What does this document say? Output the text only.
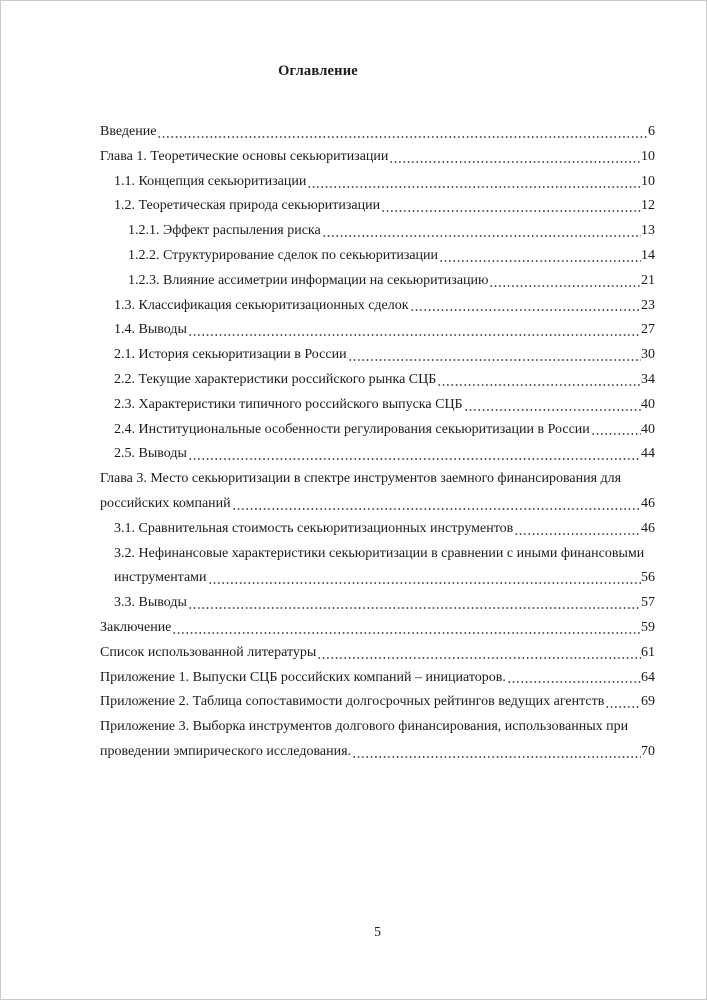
Оглавление
Введение	6
Глава 1. Теоретические основы секьюритизации	10
1.1. Концепция секьюритизации	10
1.2. Теоретическая природа секьюритизации	12
1.2.1. Эффект распыления риска	13
1.2.2. Структурирование сделок по секьюритизации	14
1.2.3. Влияние ассиметрии информации на секьюритизацию	21
1.3. Классификация секьюритизационных сделок	23
1.4. Выводы	27
2.1. История секьюритизации в России	30
2.2. Текущие характеристики российского рынка СЦБ	34
2.3. Характеристики типичного российского выпуска СЦБ	40
2.4. Институциональные особенности регулирования секьюритизации в России	40
2.5. Выводы	44
Глава 3. Место секьюритизации в спектре инструментов заемного финансирования для
российских компаний	46
3.1. Сравнительная стоимость секьюритизационных инструментов	46
3.2. Нефинансовые характеристики секьюритизации в сравнении с иными финансовыми
инструментами	56
3.3. Выводы	57
Заключение	59
Список использованной литературы	61
Приложение 1. Выпуски СЦБ российских компаний – инициаторов.	64
Приложение 2. Таблица сопоставимости долгосрочных рейтингов ведущих агентств	69
Приложение 3. Выборка инструментов долгового финансирования, использованных при
проведении эмпирического исследования.	70
5
